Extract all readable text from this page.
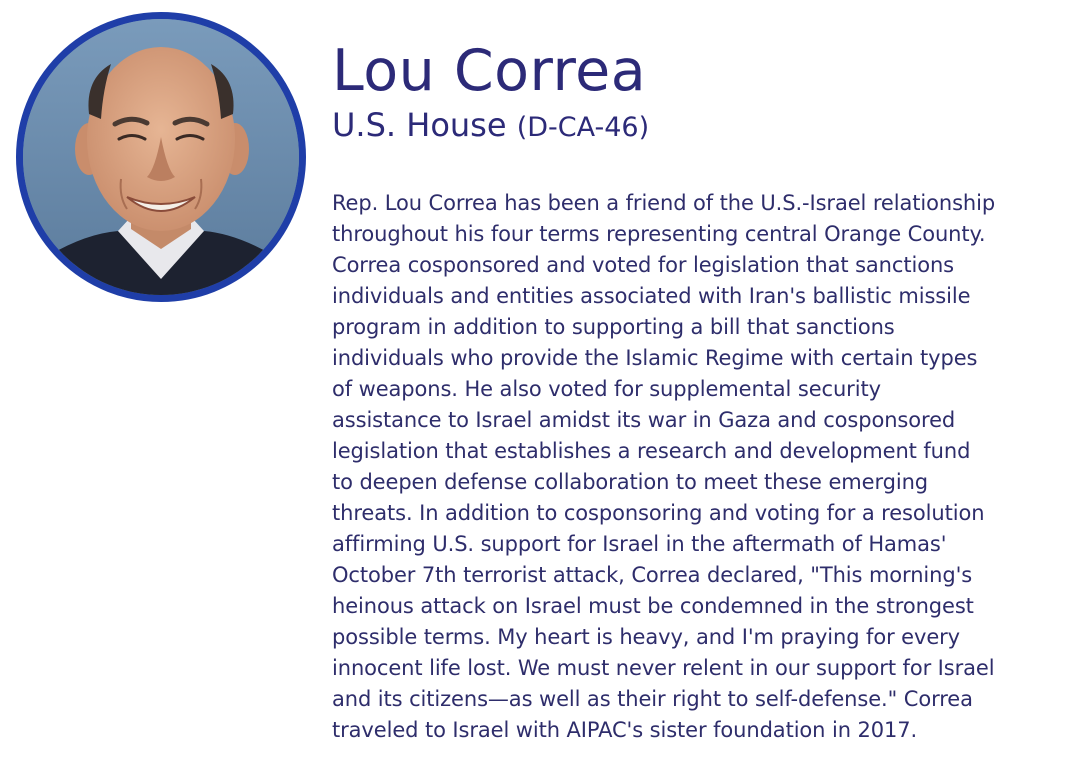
Lou Correa

U.S. House (D-CA-46)

Rep. Lou Correa has been a friend of the U.S.-Israel relationship
throughout his four terms representing central Orange County.
Correa cosponsored and voted for legislation that sanctions
individuals and entities associated with Iran's ballistic missile
program in addition to supporting a bill that sanctions
individuals who provide the Islamic Regime with certain types
of weapons. He also voted for supplemental security
assistance to Israel amidst its war in Gaza and cosponsored
legislation that establishes a research and development fund
to deepen defense collaboration to meet these emerging
threats. In addition to cosponsoring and voting for a resolution
affirming U.S. support for Israel in the aftermath of Hamas'
October 7th terrorist attack, Correa declared, "This morning's
heinous attack on Israel must be condemned in the strongest
possible terms. My heart is heavy, and I'm praying for every
innocent life lost. We must never relent in our support for Israel
and its citizens—as well as their right to self-defense." Correa
traveled to Israel with AIPAC's sister foundation in 2017.
